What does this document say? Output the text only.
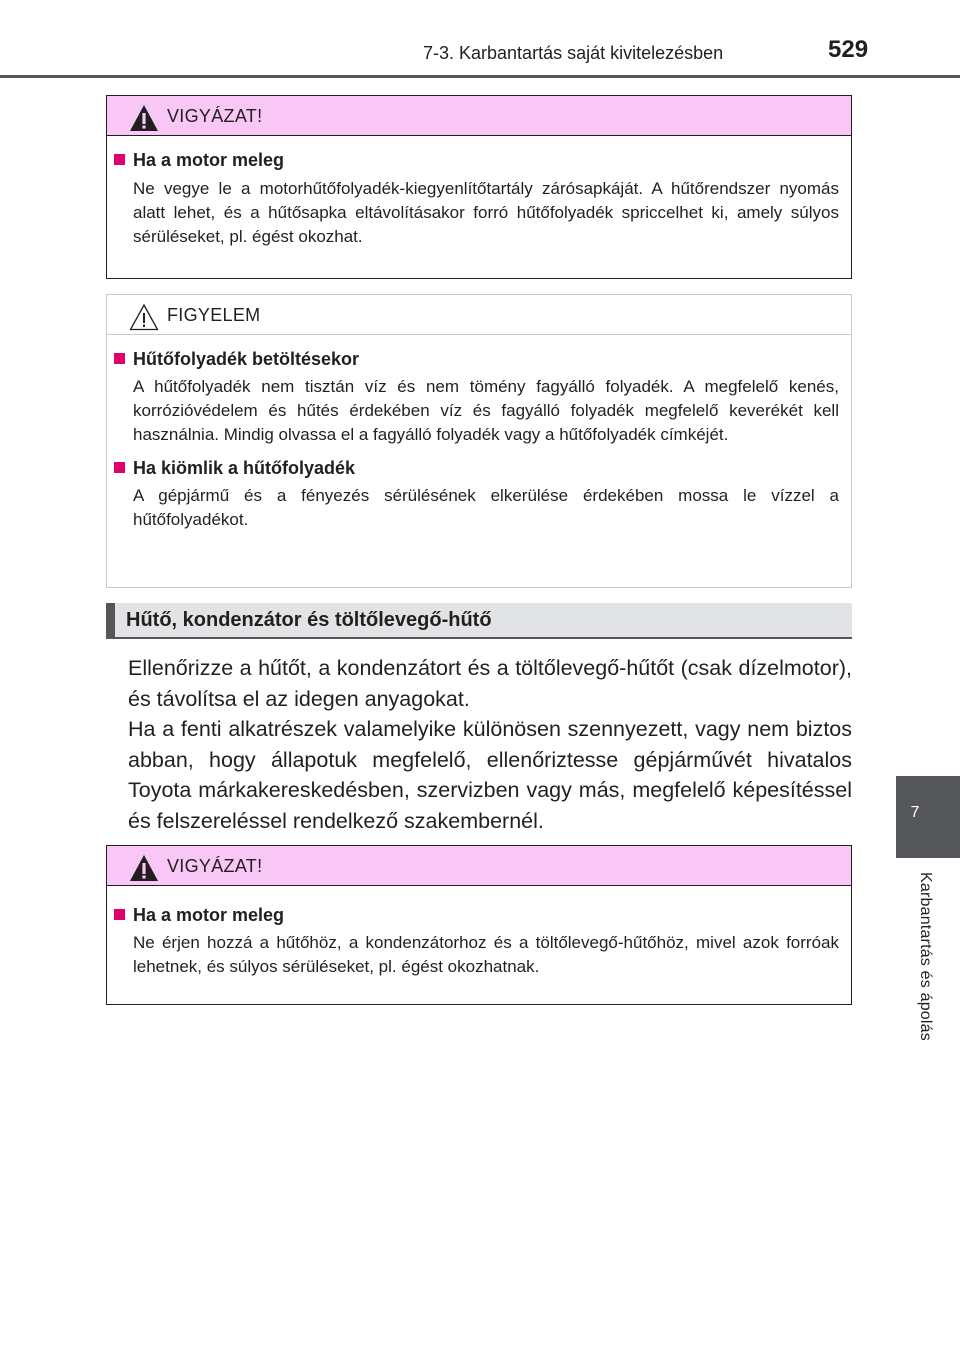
7-3. Karbantartás saját kivitelezésben	529
7
Karbantartás és ápolás
VIGYÁZAT!
Ha a motor meleg
Ne vegye le a motorhűtőfolyadék-kiegyenlítőtartály zárósapkáját. A hűtőrendszer nyomás alatt lehet, és a hűtősapka eltávolításakor forró hűtőfolyadék spriccelhet ki, amely súlyos sérüléseket, pl. égést okozhat.
FIGYELEM
Hűtőfolyadék betöltésekor
A hűtőfolyadék nem tisztán víz és nem tömény fagyálló folyadék. A megfelelő kenés, korrózióvédelem és hűtés érdekében víz és fagyálló folyadék megfelelő keverékét kell használnia. Mindig olvassa el a fagyálló folyadék vagy a hűtőfolyadék címkéjét.
Ha kiömlik a hűtőfolyadék
A gépjármű és a fényezés sérülésének elkerülése érdekében mossa le vízzel a hűtőfolyadékot.
Hűtő, kondenzátor és töltőlevegő-hűtő

Ellenőrizze a hűtőt, a kondenzátort és a töltőlevegő-hűtőt (csak dízelmotor), és távolítsa el az idegen anyagokat.

Ha a fenti alkatrészek valamelyike különösen szennyezett, vagy nem biztos abban, hogy állapotuk megfelelő, ellenőriztesse gépjárművét hivatalos Toyota márkakereskedésben, szervizben vagy más, megfelelő képesítéssel és felszereléssel rendelkező szakembernél.

VIGYÁZAT!
Ha a motor meleg
Ne érjen hozzá a hűtőhöz, a kondenzátorhoz és a töltőlevegő-hűtőhöz, mivel azok forróak lehetnek, és súlyos sérüléseket, pl. égést okozhatnak.
